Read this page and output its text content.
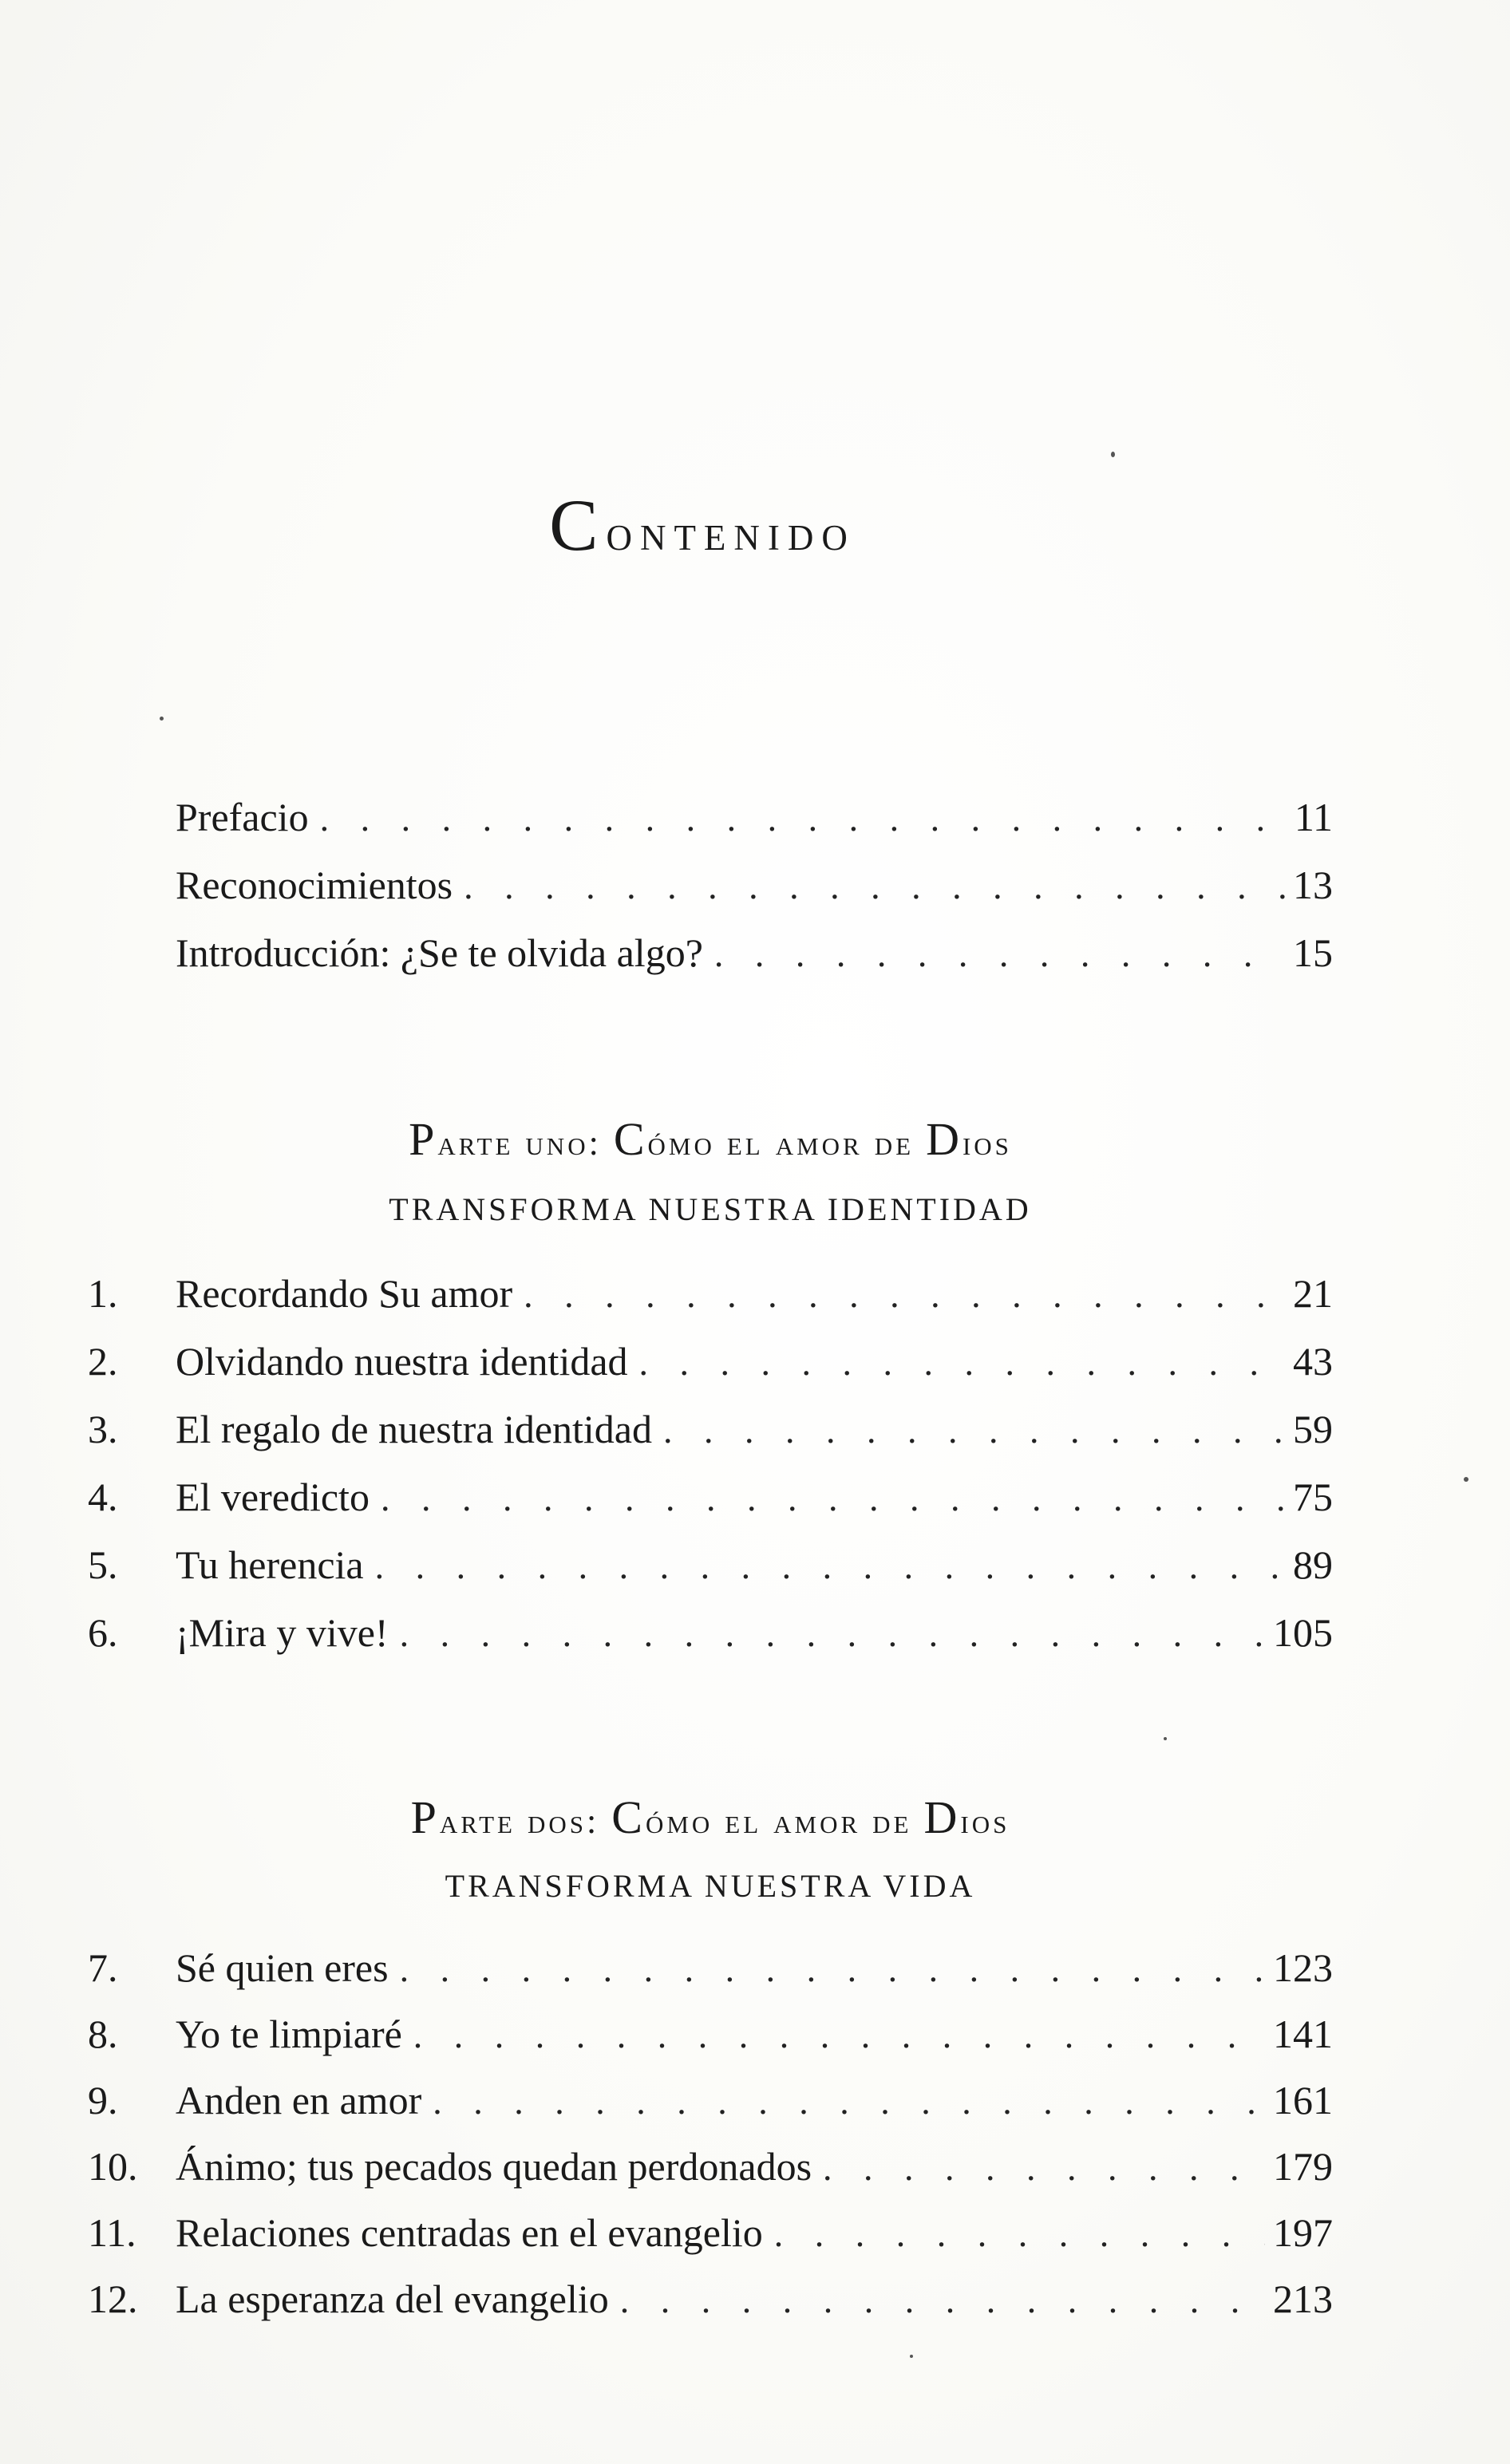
Contenido
Prefacio . . .	11
Reconocimientos . . .	13
Introducción: ¿Se te olvida algo? . . .	15
Parte uno: Cómo el amor de Dios
TRANSFORMA NUESTRA IDENTIDAD
1.	Recordando Su amor . . .	21
2.	Olvidando nuestra identidad . . .	43
3.	El regalo de nuestra identidad . . .	59
4.	El veredicto . . .	75
5.	Tu herencia . . .	89
6.	¡Mira y vive! . . .	105
Parte dos: Cómo el amor de Dios
TRANSFORMA NUESTRA VIDA
7.	Sé quien eres . . .	123
8.	Yo te limpiaré . . .	141
9.	Anden en amor . . .	161
10. Ánimo; tus pecados quedan perdonados . . .	179
11. Relaciones centradas en el evangelio . . .	197
12. La esperanza del evangelio . . .	213
